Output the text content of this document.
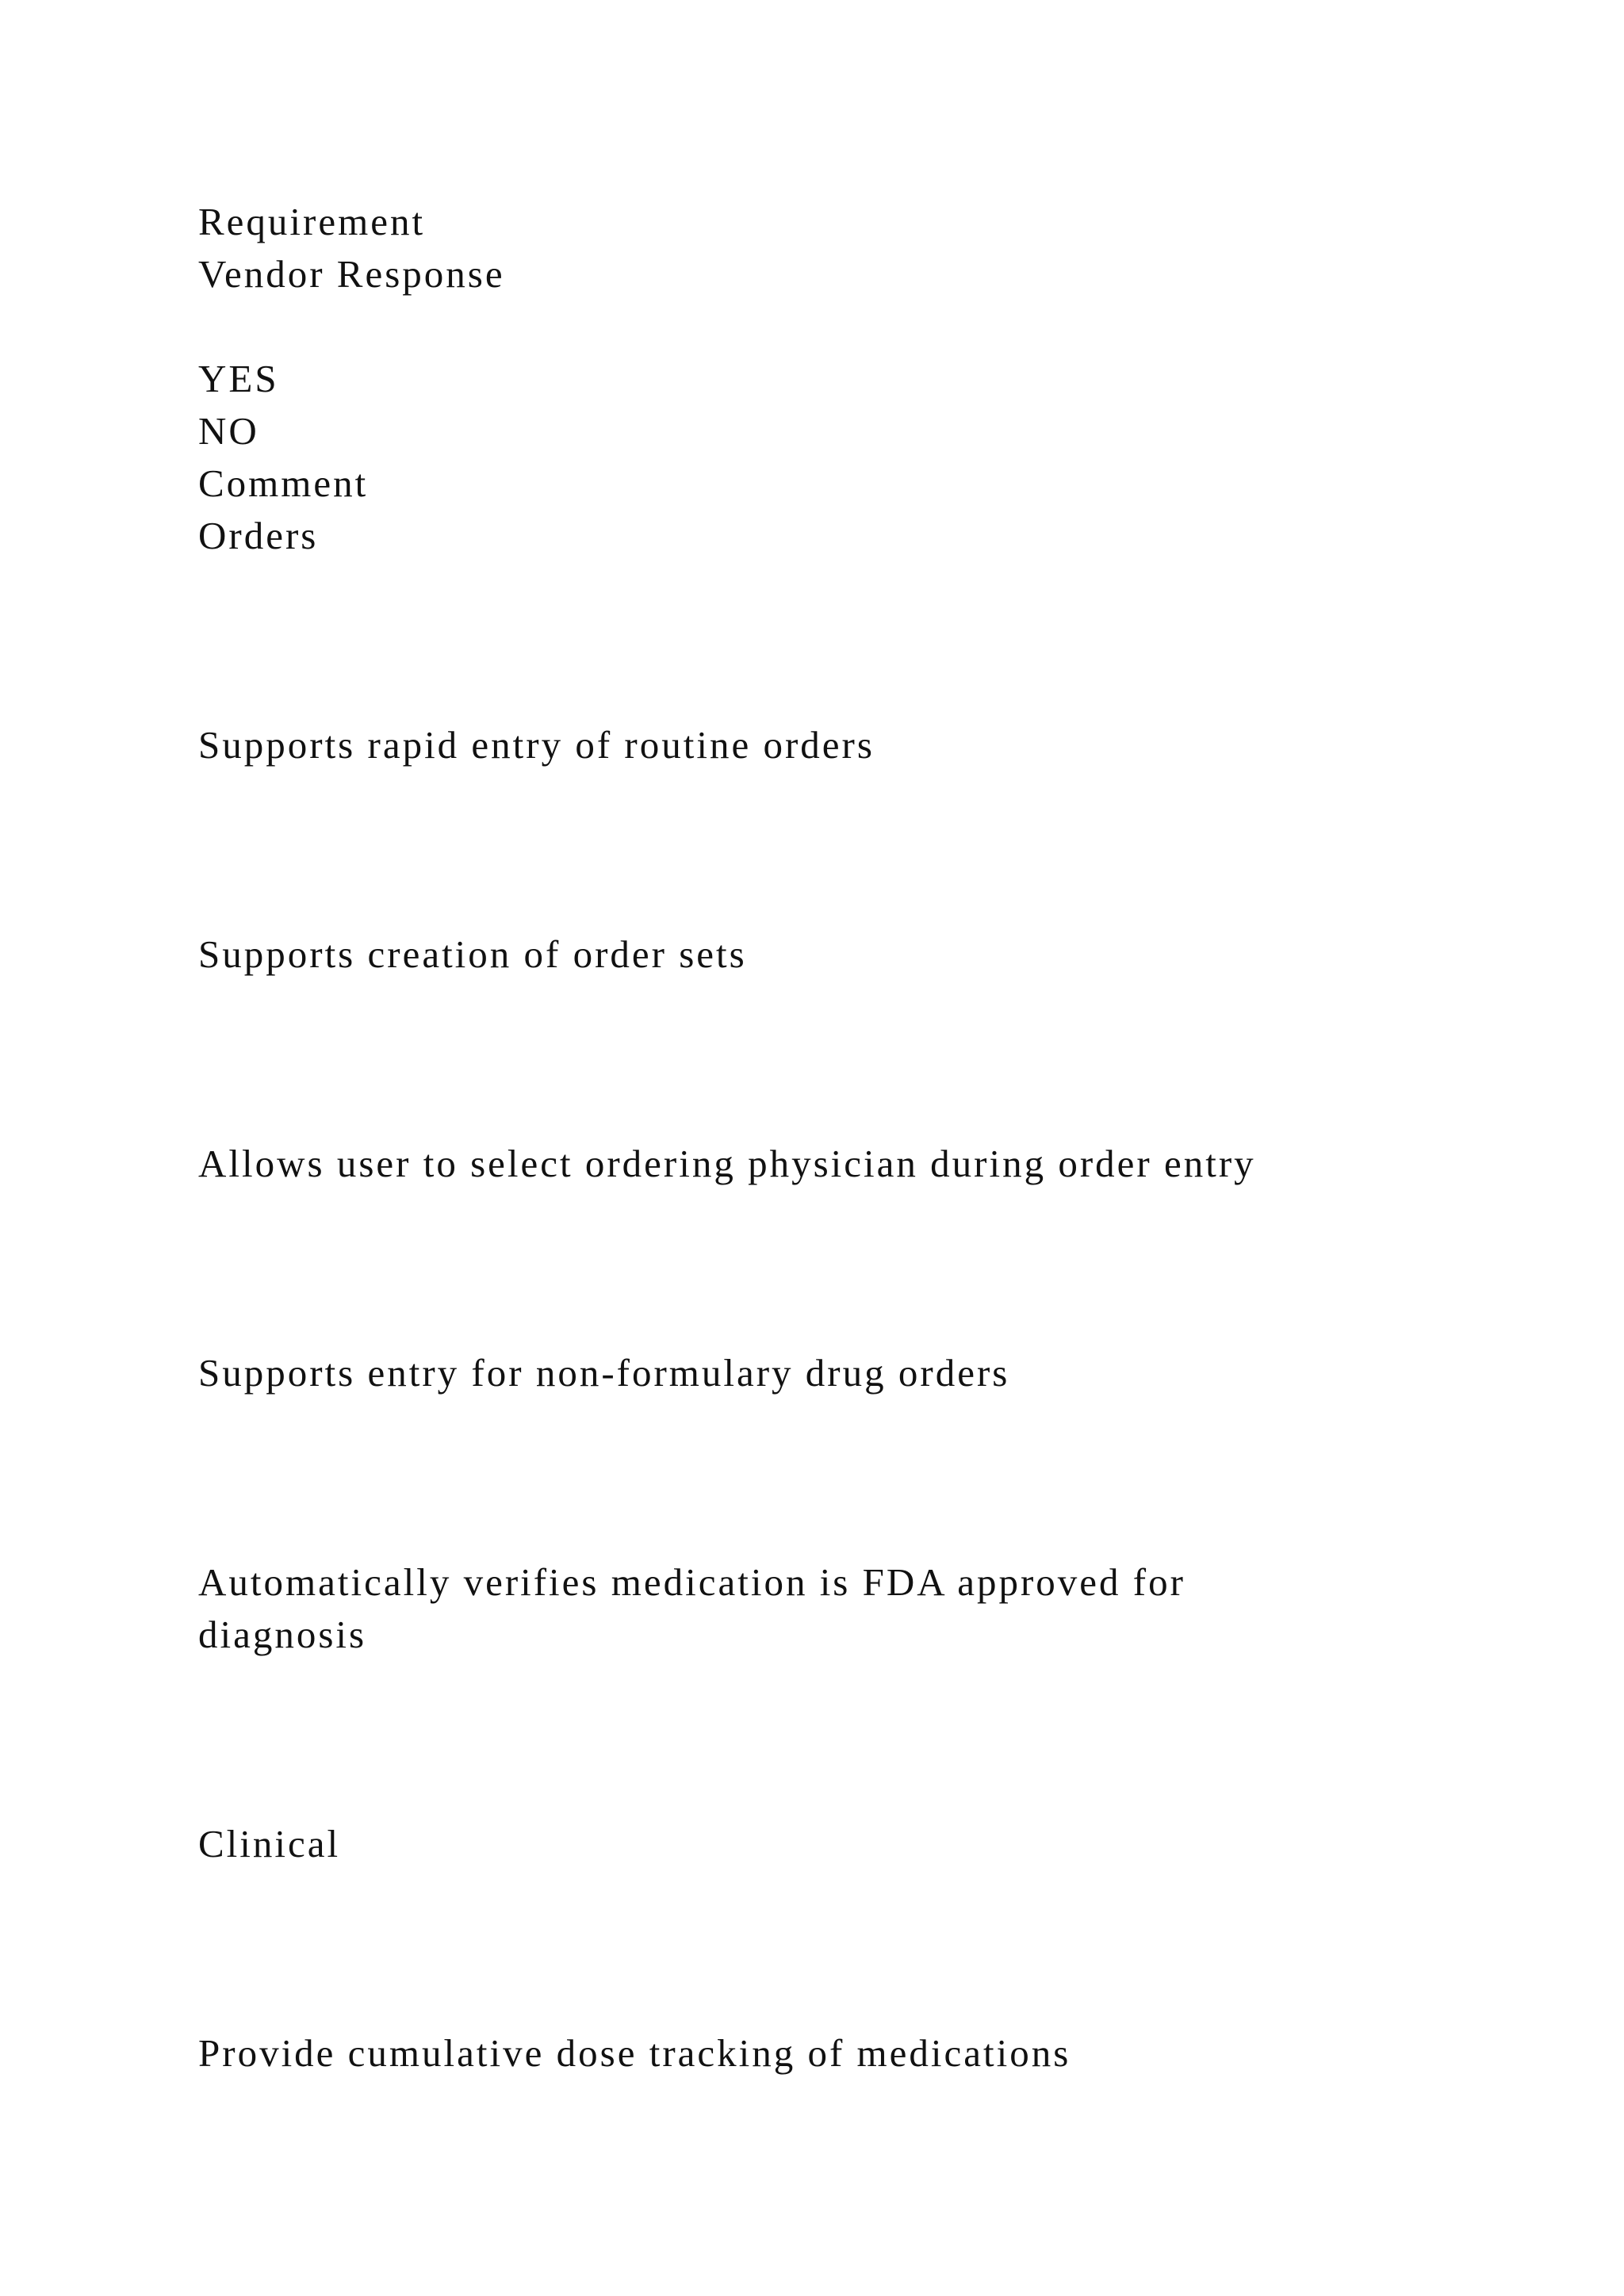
Requirement

Vendor Response

YES

NO

Comment

Orders

Supports rapid entry of routine orders

Supports creation of order sets

Allows user to select ordering physician during order entry

Supports entry for non-formulary drug orders

Automatically verifies medication is FDA approved for

diagnosis

Clinical

Provide cumulative dose tracking of medications
